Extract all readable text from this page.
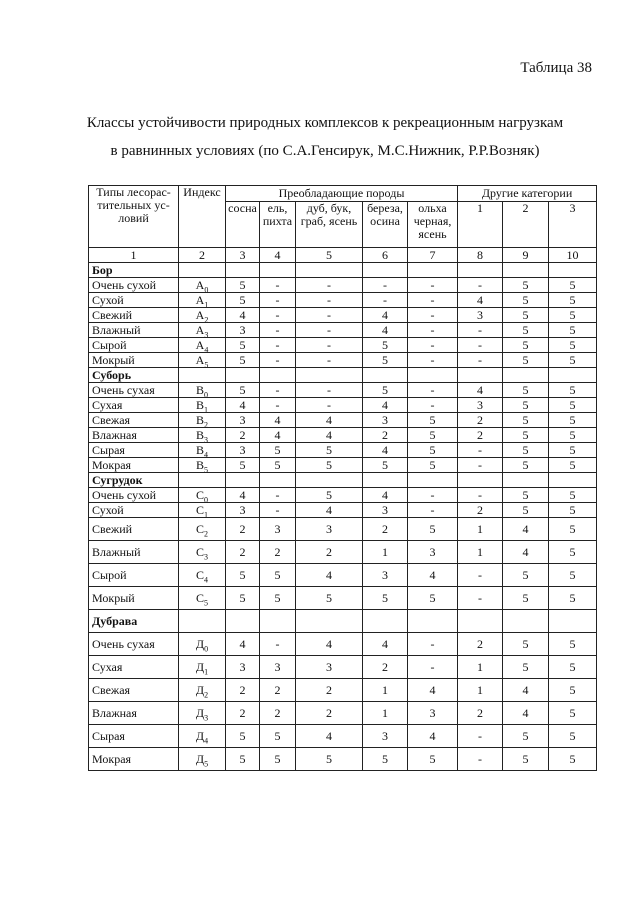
Таблица 38
Классы устойчивости природных комплексов к рекреационным нагрузкам
в равнинных условиях (по С.А.Генсирук, М.С.Нижник, Р.Р.Возняк)
Типы лесорас-тительных ус-ловий	Индекс	Преобладающие породы					Другие категории		
		сосна	ель, пихта	дуб, бук, граб, ясень	береза, осина	ольха черная, ясень	1	2	3

1	2	3	4	5	6	7	8	9	10
Бор									
Очень сухой	$А_0$	5	-	-	-	-	-	5	5
Сухой	$А_1$	5	-	-	-	-	4	5	5
Свежий	$А_2$	4	-	-	4	-	3	5	5
Влажный	$А_3$	3	-	-	4	-	-	5	5
Сырой	$А_4$	5	-	-	5	-	-	5	5
Мокрый	$А_5$	5	-	-	5	-	-	5	5
Суборь									
Очень сухая	$В_0$	5	-	-	5	-	4	5	5
Сухая	$В_1$	4	-	-	4	-	3	5	5
Свежая	$В_2$	3	4	4	3	5	2	5	5
Влажная	$В_3$	2	4	4	2	5	2	5	5
Сырая	$В_4$	3	5	5	4	5	-	5	5
Мокрая	$В_5$	5	5	5	5	5	-	5	5
Сугрудок									
Очень сухой	$С_0$	4	-	5	4	-	-	5	5
Сухой	$С_1$	3	-	4	3	-	2	5	5
Свежий	$С_2$	2	3	3	2	5	1	4	5
Влажный	$С_3$	2	2	2	1	3	1	4	5
Сырой	$С_4$	5	5	4	3	4	-	5	5
Мокрый	$С_5$	5	5	5	5	5	-	5	5
Дубрава									
Очень сухая	$Д_0$	4	-	4	4	-	2	5	5
Сухая	$Д_1$	3	3	3	2	-	1	5	5
Свежая	$Д_2$	2	2	2	1	4	1	4	5
Влажная	$Д_3$	2	2	2	1	3	2	4	5
Сырая	$Д_4$	5	5	4	3	4	-	5	5
Мокрая	$Д_5$	5	5	5	5	5	-	5	5
